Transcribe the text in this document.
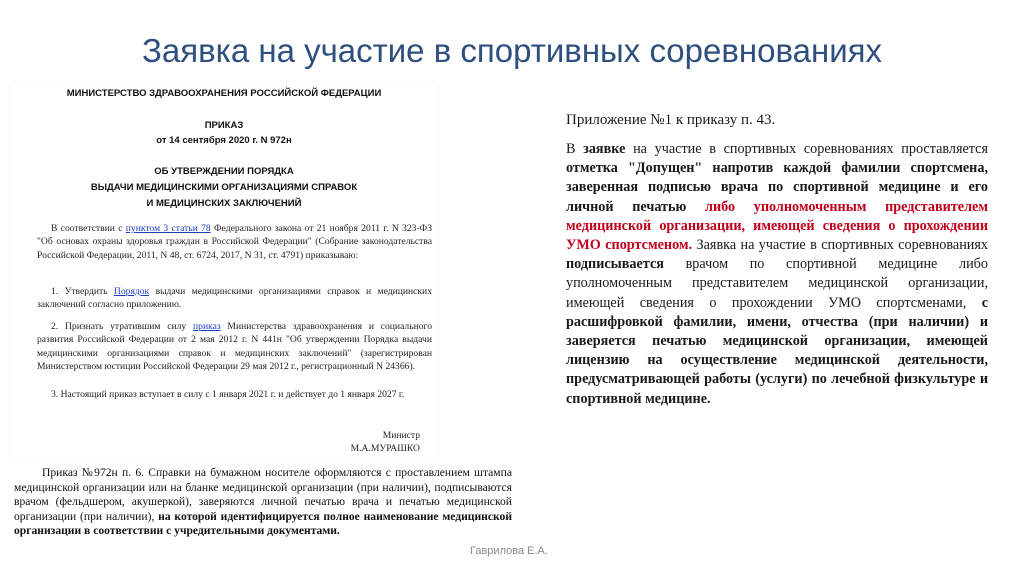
Заявка на участие в спортивных соревнованиях
МИНИСТЕРСТВО ЗДРАВООХРАНЕНИЯ РОССИЙСКОЙ ФЕДЕРАЦИИ
ПРИКАЗ
от 14 сентября 2020 г. N 972н
ОБ УТВЕРЖДЕНИИ ПОРЯДКА
ВЫДАЧИ МЕДИЦИНСКИМИ ОРГАНИЗАЦИЯМИ СПРАВОК
И МЕДИЦИНСКИХ ЗАКЛЮЧЕНИЙ
В соответствии с пунктом 3 статьи 78 Федерального закона от 21 ноября 2011 г. N 323-ФЗ "Об основах охраны здоровья граждан в Российской Федерации" (Собрание законодательства Российской Федерации, 2011, N 48, ст. 6724, 2017, N 31, ст. 4791) приказываю:
1. Утвердить Порядок выдачи медицинскими организациями справок и медицинских заключений согласно приложению.
2. Признать утратившим силу приказ Министерства здравоохранения и социального развития Российской Федерации от 2 мая 2012 г. N 441н "Об утверждении Порядка выдачи медицинскими организациями справок и медицинских заключений" (зарегистрирован Министерством юстиции Российской Федерации 29 мая 2012 г., регистрационный N 24366).
3. Настоящий приказ вступает в силу с 1 января 2021 г. и действует до 1 января 2027 г.
Министр
М.А.МУРАШКО
Приказ №972н п. 6. Справки на бумажном носителе оформляются с проставлением штампа медицинской организации или на бланке медицинской организации (при наличии), подписываются врачом (фельдшером, акушеркой), заверяются личной печатью врача и печатью медицинской организации (при наличии), на которой идентифицируется полное наименование медицинской организации в соответствии с учредительными документами.
Приложение №1 к приказу п. 43.
В заявке на участие в спортивных соревнованиях проставляется отметка "Допущен" напротив каждой фамилии спортсмена, заверенная подписью врача по спортивной медицине и его личной печатью либо уполномоченным представителем медицинской организации, имеющей сведения о прохождении УМО спортсменом. Заявка на участие в спортивных соревнованиях подписывается врачом по спортивной медицине либо уполномоченным представителем медицинской организации, имеющей сведения о прохождении УМО спортсменами, с расшифровкой фамилии, имени, отчества (при наличии) и заверяется печатью медицинской организации, имеющей лицензию на осуществление медицинской деятельности, предусматривающей работы (услуги) по лечебной физкультуре и спортивной медицине.
Гаврилова Е.А.
